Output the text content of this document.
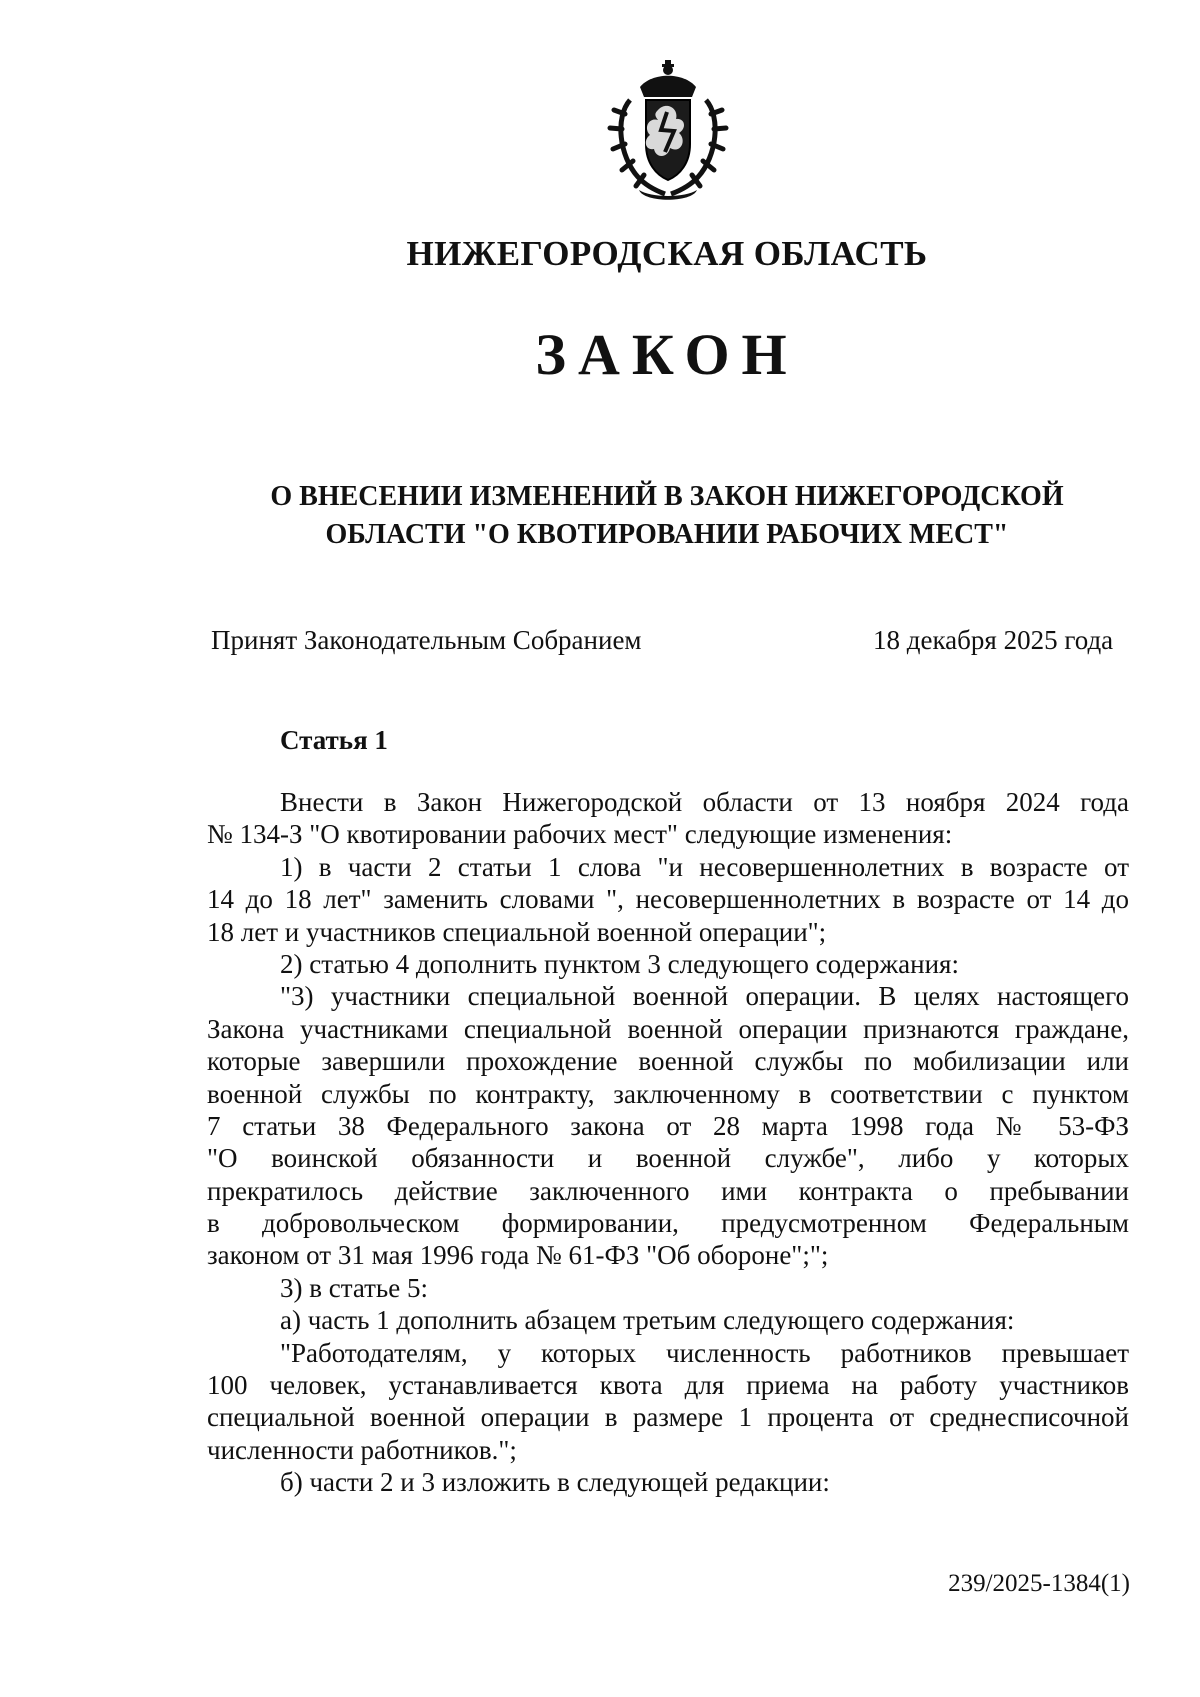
НИЖЕГОРОДСКАЯ ОБЛАСТЬ
ЗАКОН
О ВНЕСЕНИИ ИЗМЕНЕНИЙ В ЗАКОН НИЖЕГОРОДСКОЙ
ОБЛАСТИ "О КВОТИРОВАНИИ РАБОЧИХ МЕСТ"
Принят Законодательным Собранием	18 декабря 2025 года
Статья 1
Внести в Закон Нижегородской области от 13 ноября 2024 года
№ 134-З "О квотировании рабочих мест" следующие изменения:
1) в части 2 статьи 1 слова "и несовершеннолетних в возрасте от
14 до 18 лет" заменить словами ", несовершеннолетних в возрасте от 14 до
18 лет и участников специальной военной операции";
2) статью 4 дополнить пунктом 3 следующего содержания:
"3) участники специальной военной операции. В целях настоящего
Закона участниками специальной военной операции признаются граждане,
которые завершили прохождение военной службы по мобилизации или
военной службы по контракту, заключенному в соответствии с пунктом
7 статьи 38 Федерального закона от 28 марта 1998 года № 53-ФЗ
"О воинской обязанности и военной службе", либо у которых
прекратилось действие заключенного ими контракта о пребывании
в добровольческом формировании, предусмотренном Федеральным
законом от 31 мая 1996 года № 61-ФЗ "Об обороне";";
3) в статье 5:
а) часть 1 дополнить абзацем третьим следующего содержания:
"Работодателям, у которых численность работников превышает
100 человек, устанавливается квота для приема на работу участников
специальной военной операции в размере 1 процента от среднесписочной
численности работников.";
б) части 2 и 3 изложить в следующей редакции:
239/2025-1384(1)
